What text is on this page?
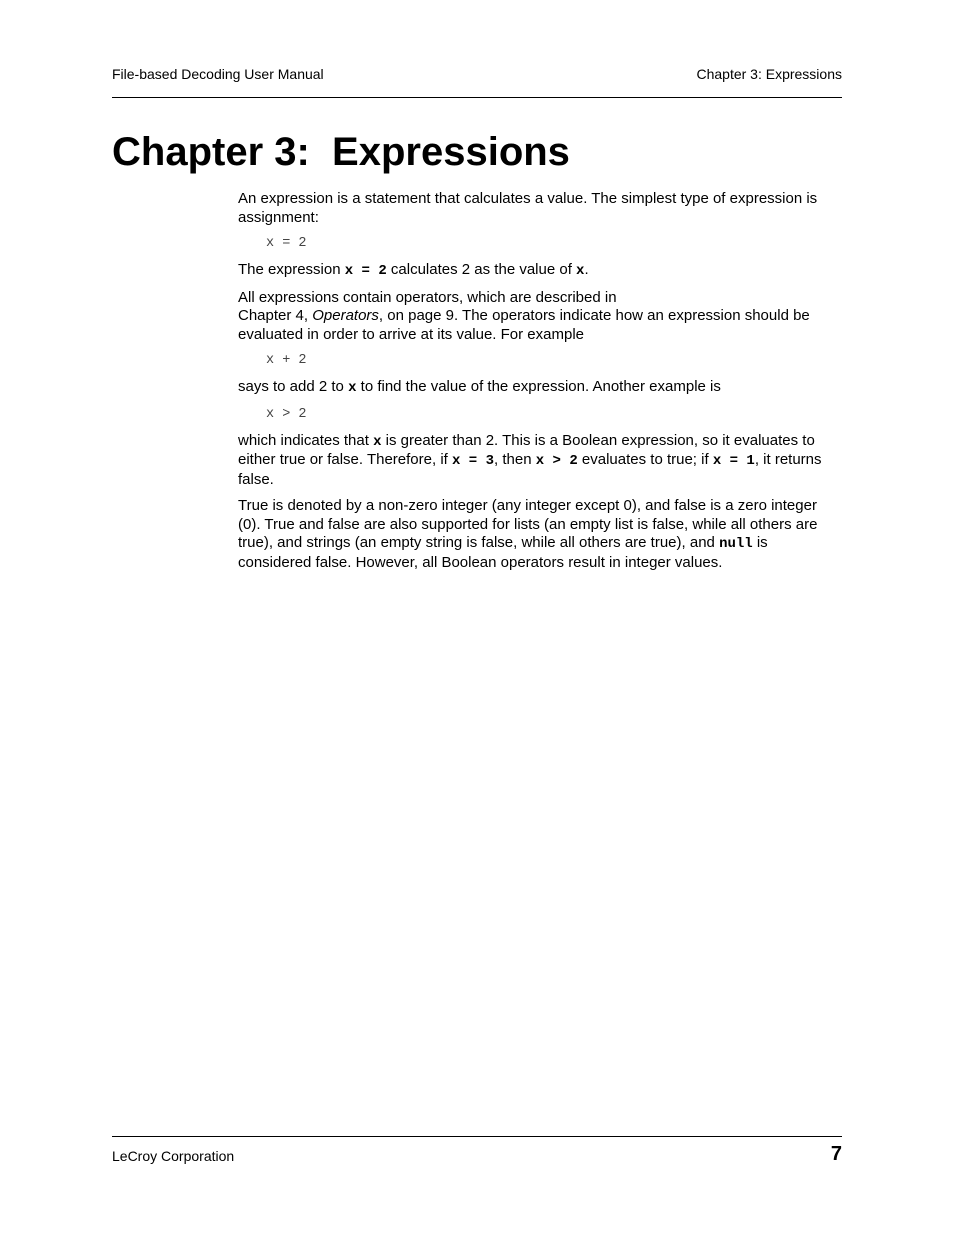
File-based Decoding User Manual	Chapter 3: Expressions
Chapter 3:  Expressions

An expression is a statement that calculates a value. The simplest type of expression is assignment:

x = 2

The expression x = 2 calculates 2 as the value of x.

All expressions contain operators, which are described in
Chapter 4, Operators, on page 9. The operators indicate how an expression should be evaluated in order to arrive at its value. For example

x + 2

says to add 2 to x to find the value of the expression. Another example is

x > 2

which indicates that x is greater than 2. This is a Boolean expression, so it evaluates to either true or false. Therefore, if x = 3, then x > 2 evaluates to true; if x = 1, it returns false.

True is denoted by a non-zero integer (any integer except 0), and false is a zero integer (0). True and false are also supported for lists (an empty list is false, while all others are true), and strings (an empty string is false, while all others are true), and null is considered false. However, all Boolean operators result in integer values.

LeCroy Corporation	7
